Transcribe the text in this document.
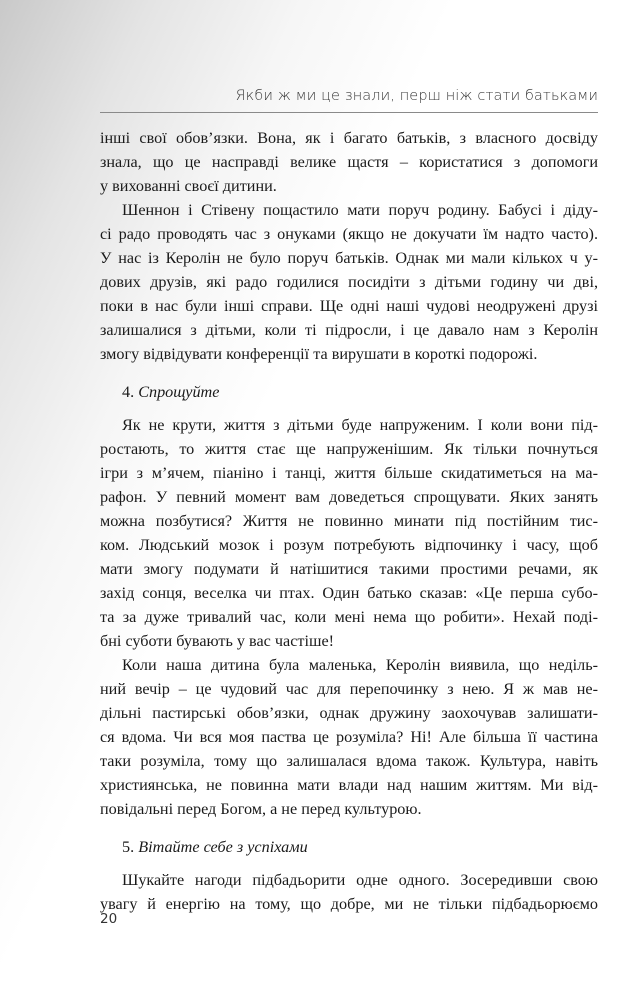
Якби ж ми це знали, перш ніж стати батьками
інші свої обов’язки. Вона, як і багато батьків, з власного досвіду
знала, що це насправді велике щастя – користатися з допомоги
у вихованні своєї дитини.
Шеннон і Стівену пощастило мати поруч родину. Бабусі і діду-
сі радо проводять час з онуками (якщо не докучати їм надто часто).
У нас із Керолін не було поруч батьків. Однак ми мали кількох ч у-
дових друзів, які радо годилися посидіти з дітьми годину чи дві,
поки в нас були інші справи. Ще одні наші чудові неодружені друзі
залишалися з дітьми, коли ті підросли, і це давало нам з Керолін
змогу відвідувати конференції та вирушати в короткі подорожі.
4. Спрощуйте
Як не крути, життя з дітьми буде напруженим. І коли вони під-
ростають, то життя стає ще напруженішим. Як тільки почнуться
ігри з м’ячем, піаніно і танці, життя більше скидатиметься на ма-
рафон. У певний момент вам доведеться спрощувати. Яких занять
можна позбутися? Життя не повинно минати під постійним тис-
ком. Людський мозок і розум потребують відпочинку і часу, щоб
мати змогу подумати й натішитися такими простими речами, як
захід сонця, веселка чи птах. Один батько сказав: «Це перша субо-
та за дуже тривалий час, коли мені нема що робити». Нехай поді-
бні суботи бувають у вас частіше!
Коли наша дитина була маленька, Керолін виявила, що неділь-
ний вечір – це чудовий час для перепочинку з нею. Я ж мав не-
дільні пастирські обов’язки, однак дружину заохочував залишати-
ся вдома. Чи вся моя паства це розуміла? Ні! Але більша її частина
таки розуміла, тому що залишалася вдома також. Культура, навіть
християнська, не повинна мати влади над нашим життям. Ми від-
повідальні перед Богом, а не перед культурою.
5. Вітайте себе з успіхами
Шукайте нагоди підбадьорити одне одного. Зосередивши свою
увагу й енергію на тому, що добре, ми не тільки підбадьорюємо
20
